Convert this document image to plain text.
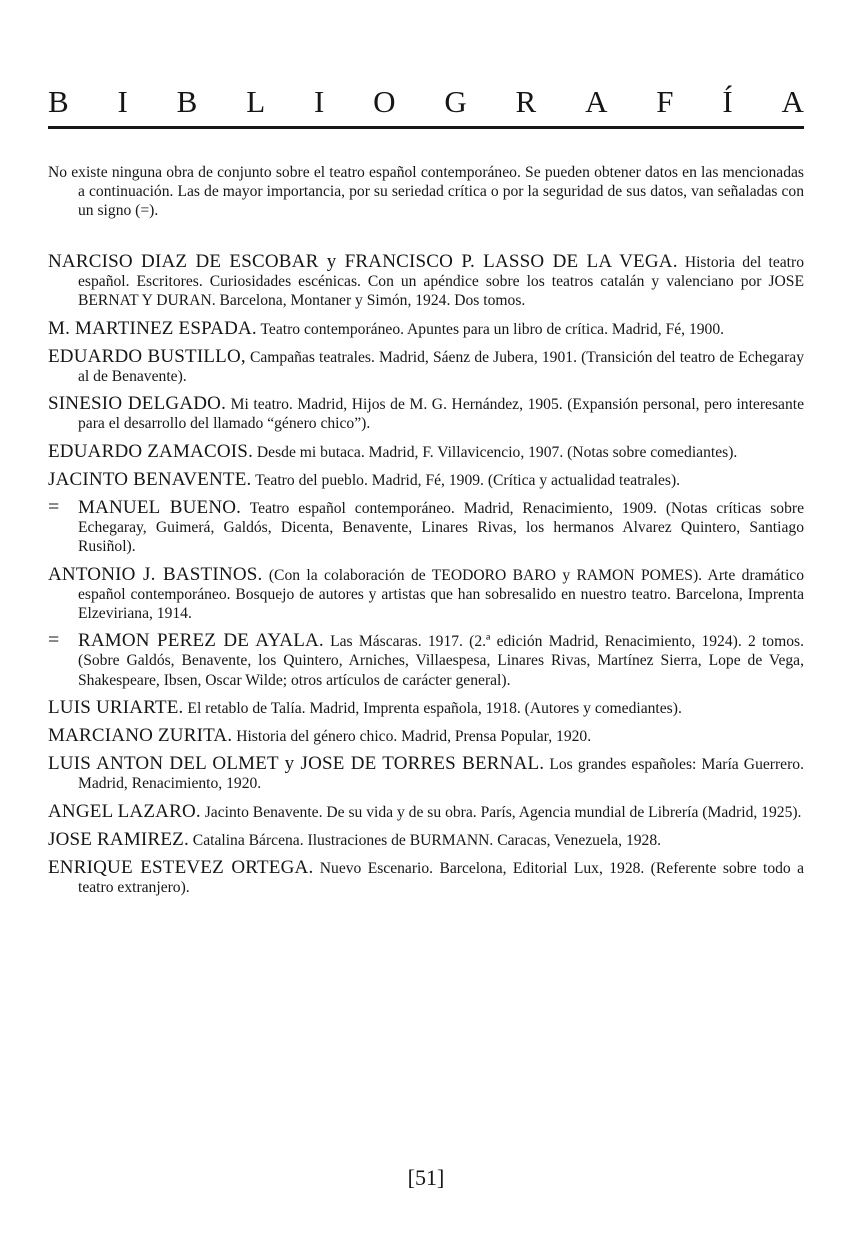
B I B L I O G R A F Í A

No existe ninguna obra de conjunto sobre el teatro español contemporáneo. Se pueden obtener datos en las mencionadas a continuación. Las de mayor importancia, por su seriedad crítica o por la seguridad de sus datos, van señaladas con un signo (=).

NARCISO DIAZ DE ESCOBAR y FRANCISCO P. LASSO DE LA VEGA. Historia del teatro español. Escritores. Curiosidades escénicas. Con un apéndice sobre los teatros catalán y valenciano por JOSE BERNAT Y DURAN. Barcelona, Montaner y Simón, 1924. Dos tomos.
M. MARTINEZ ESPADA. Teatro contemporáneo. Apuntes para un libro de crítica. Madrid, Fé, 1900.
EDUARDO BUSTILLO, Campañas teatrales. Madrid, Sáenz de Jubera, 1901. (Transición del teatro de Echegaray al de Benavente).
SINESIO DELGADO. Mi teatro. Madrid, Hijos de M. G. Hernández, 1905. (Expansión personal, pero interesante para el desarrollo del llamado “género chico”).
EDUARDO ZAMACOIS. Desde mi butaca. Madrid, F. Villavicencio, 1907. (Notas sobre comediantes).
JACINTO BENAVENTE. Teatro del pueblo. Madrid, Fé, 1909. (Crítica y actualidad teatrales).
= MANUEL BUENO. Teatro español contemporáneo. Madrid, Renacimiento, 1909. (Notas críticas sobre Echegaray, Guimerá, Galdós, Dicenta, Benavente, Linares Rivas, los hermanos Alvarez Quintero, Santiago Rusiñol).
ANTONIO J. BASTINOS. (Con la colaboración de TEODORO BARO y RAMON POMES). Arte dramático español contemporáneo. Bosquejo de autores y artistas que han sobresalido en nuestro teatro. Barcelona, Imprenta Elzeviriana, 1914.
= RAMON PEREZ DE AYALA. Las Máscaras. 1917. (2.ª edición Madrid, Renacimiento, 1924). 2 tomos. (Sobre Galdós, Benavente, los Quintero, Arniches, Villaespesa, Linares Rivas, Martínez Sierra, Lope de Vega, Shakespeare, Ibsen, Oscar Wilde; otros artículos de carácter general).
LUIS URIARTE. El retablo de Talía. Madrid, Imprenta española, 1918. (Autores y comediantes).
MARCIANO ZURITA. Historia del género chico. Madrid, Prensa Popular, 1920.
LUIS ANTON DEL OLMET y JOSE DE TORRES BERNAL. Los grandes españoles: María Guerrero. Madrid, Renacimiento, 1920.
ANGEL LAZARO. Jacinto Benavente. De su vida y de su obra. París, Agencia mundial de Librería (Madrid, 1925).
JOSE RAMIREZ. Catalina Bárcena. Ilustraciones de BURMANN. Caracas, Venezuela, 1928.
ENRIQUE ESTEVEZ ORTEGA. Nuevo Escenario. Barcelona, Editorial Lux, 1928. (Referente sobre todo a teatro extranjero).
[51]
